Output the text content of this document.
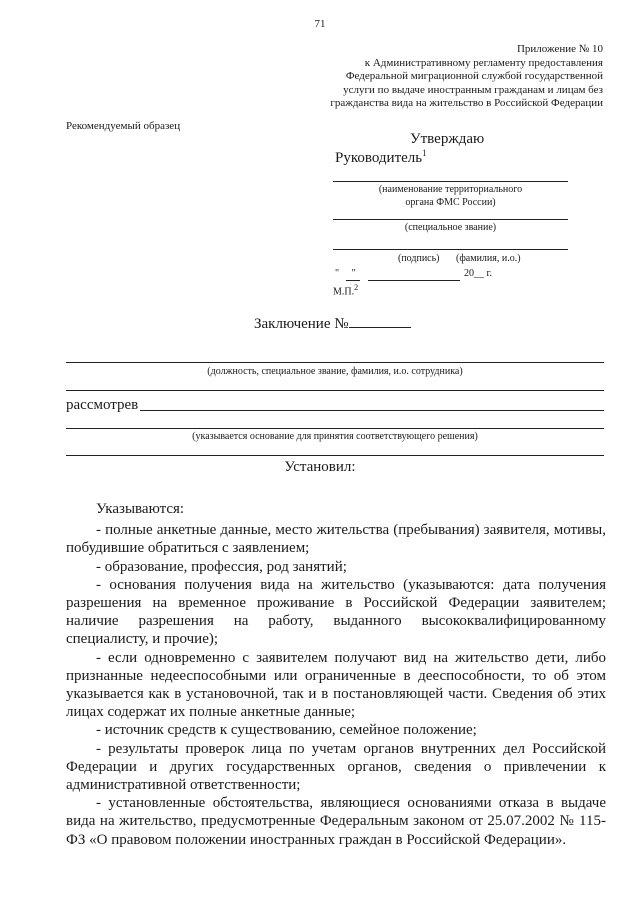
71
Приложение № 10
к Административному регламенту предоставления
Федеральной миграционной службой государственной
услуги по выдаче иностранным гражданам и лицам без
гражданства вида на жительство в Российской Федерации
Рекомендуемый образец
Утверждаю
Руководитель$^1$
(наименование территориального
органа ФМС России)
(специальное звание)
(подпись) (фамилия, и.о.)
"     "	20__ г.
М.П.$^2$
Заключение №
(должность, специальное звание, фамилия, и.о. сотрудника)
рассмотрев
(указывается основание для принятия соответствующего решения)
Установил:

Указываются:

- полные анкетные данные, место жительства (пребывания) заявителя, мотивы, побудившие обратиться с заявлением;

- образование, профессия, род занятий;

- основания получения вида на жительство (указываются: дата получения разрешения на временное проживание в Российской Федерации заявителем; наличие разрешения на работу, выданного высококвалифицированному специалисту, и прочие);

- если одновременно с заявителем получают вид на жительство дети, либо признанные недееспособными или ограниченные в дееспособности, то об этом указывается как в установочной, так и в постановляющей части. Сведения об этих лицах содержат их полные анкетные данные;

- источник средств к существованию, семейное положение;

- результаты проверок лица по учетам органов внутренних дел Российской Федерации и других государственных органов, сведения о привлечении к административной ответственности;

- установленные обстоятельства, являющиеся основаниями отказа в выдаче вида на жительство, предусмотренные Федеральным законом от 25.07.2002 № 115-ФЗ «О правовом положении иностранных граждан в Российской Федерации».
